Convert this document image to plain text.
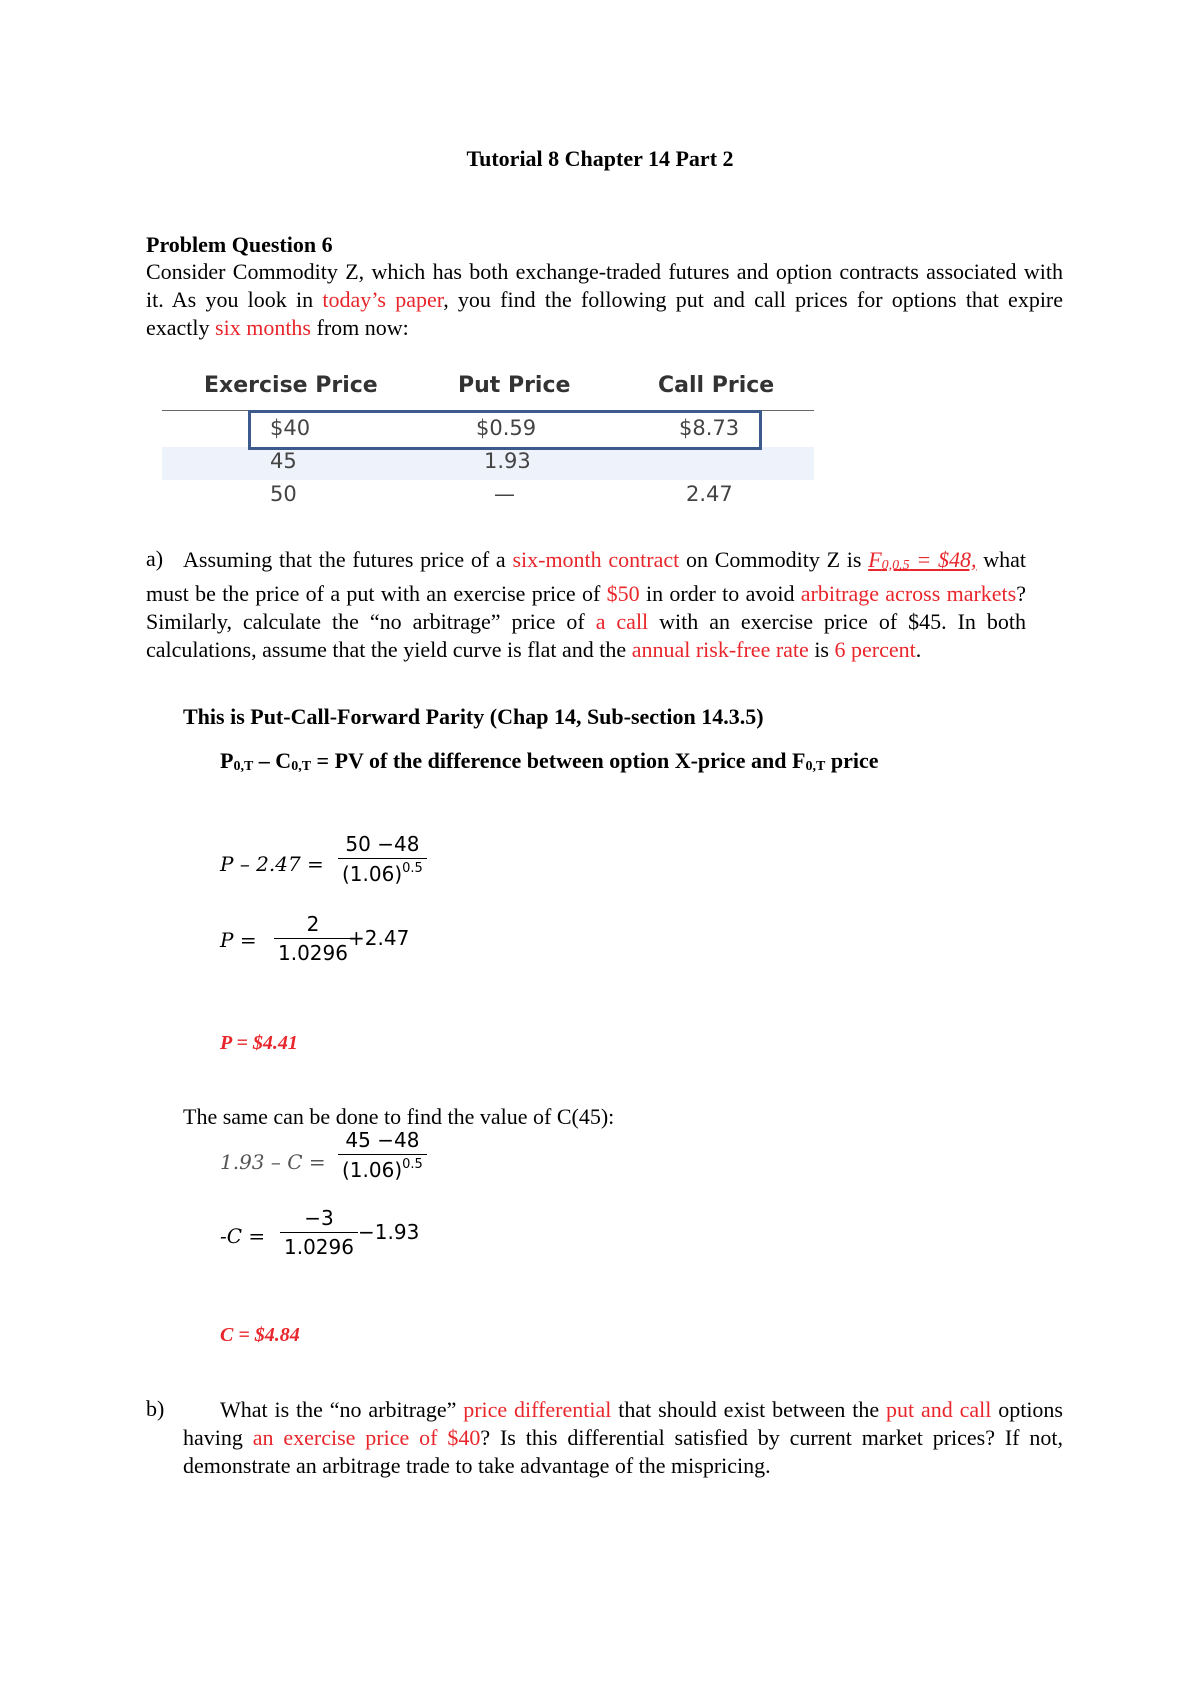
Tutorial 8 Chapter 14 Part 2
Problem Question 6
Consider Commodity Z, which has both exchange-traded futures and option contracts associated with it. As you look in today’s paper, you find the following put and call prices for options that expire exactly six months from now:
Exercise Price	Put Price	Call Price
$40	$0.59	$8.73
45	1.93
50	—	2.47
a) Assuming that the futures price of a six-month contract on Commodity Z is F0,0.5 = $48, what must be the price of a put with an exercise price of $50 in order to avoid arbitrage across markets? Similarly, calculate the “no arbitrage” price of a call with an exercise price of $45. In both calculations, assume that the yield curve is flat and the annual risk-free rate is 6 percent.
This is Put-Call-Forward Parity (Chap 14, Sub-section 14.3.5)
P0,T – C0,T = PV of the difference between option X-price and F0,T price
$P - 2.47 = \frac{50 -48}{(1.06)^{0.5}}$
$P = \frac{2}{1.0296}$
+2.47
P = $4.41
The same can be done to find the value of C(45):
$1.93 - C = \frac{45 -48}{(1.06)^{0.5}}$
$-C = \frac{-3}{1.0296} -1.93$
C = $4.84
b)	What is the “no arbitrage” price differential that should exist between the put and call options having an exercise price of $40? Is this differential satisfied by current market prices? If not, demonstrate an arbitrage trade to take advantage of the mispricing.
